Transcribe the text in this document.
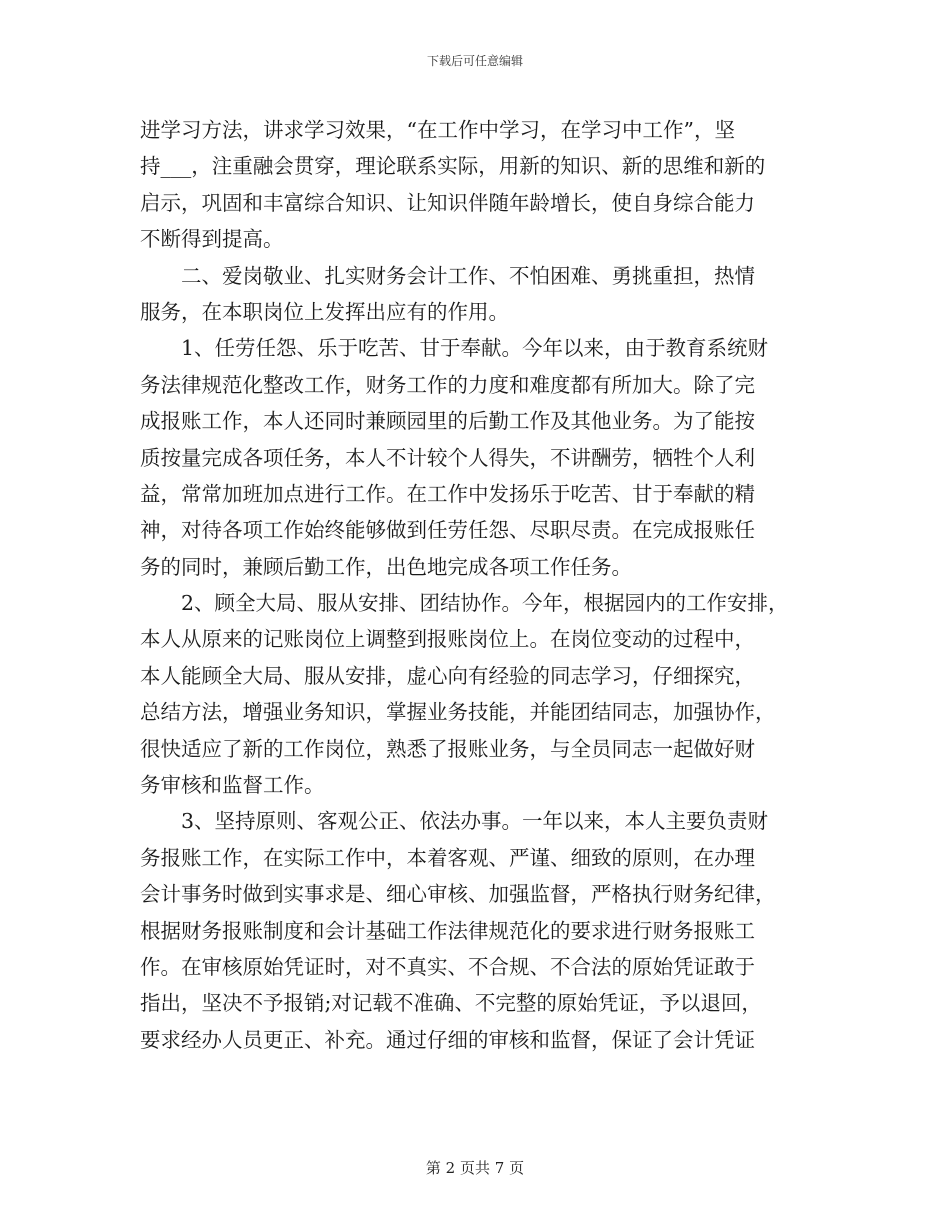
下载后可任意编辑
进学习方法，讲求学习效果，“在工作中学习，在学习中工作”，坚
持___，注重融会贯穿，理论联系实际，用新的知识、新的思维和新的
启示，巩固和丰富综合知识、让知识伴随年龄增长，使自身综合能力
不断得到提高。
二、爱岗敬业、扎实财务会计工作、不怕困难、勇挑重担，热情
服务，在本职岗位上发挥出应有的作用。
1、任劳任怨、乐于吃苦、甘于奉献。今年以来，由于教育系统财
务法律规范化整改工作，财务工作的力度和难度都有所加大。除了完
成报账工作，本人还同时兼顾园里的后勤工作及其他业务。为了能按
质按量完成各项任务，本人不计较个人得失，不讲酬劳，牺牲个人利
益，常常加班加点进行工作。在工作中发扬乐于吃苦、甘于奉献的精
神，对待各项工作始终能够做到任劳任怨、尽职尽责。在完成报账任
务的同时，兼顾后勤工作，出色地完成各项工作任务。
2、顾全大局、服从安排、团结协作。今年，根据园内的工作安排，
本人从原来的记账岗位上调整到报账岗位上。在岗位变动的过程中，
本人能顾全大局、服从安排，虚心向有经验的同志学习，仔细探究，
总结方法，增强业务知识，掌握业务技能，并能团结同志，加强协作，
很快适应了新的工作岗位，熟悉了报账业务，与全员同志一起做好财
务审核和监督工作。
3、坚持原则、客观公正、依法办事。一年以来，本人主要负责财
务报账工作，在实际工作中，本着客观、严谨、细致的原则，在办理
会计事务时做到实事求是、细心审核、加强监督，严格执行财务纪律，
根据财务报账制度和会计基础工作法律规范化的要求进行财务报账工
作。在审核原始凭证时，对不真实、不合规、不合法的原始凭证敢于
指出，坚决不予报销;对记载不准确、不完整的原始凭证，予以退回，
要求经办人员更正、补充。通过仔细的审核和监督，保证了会计凭证
第 2 页共 7 页
